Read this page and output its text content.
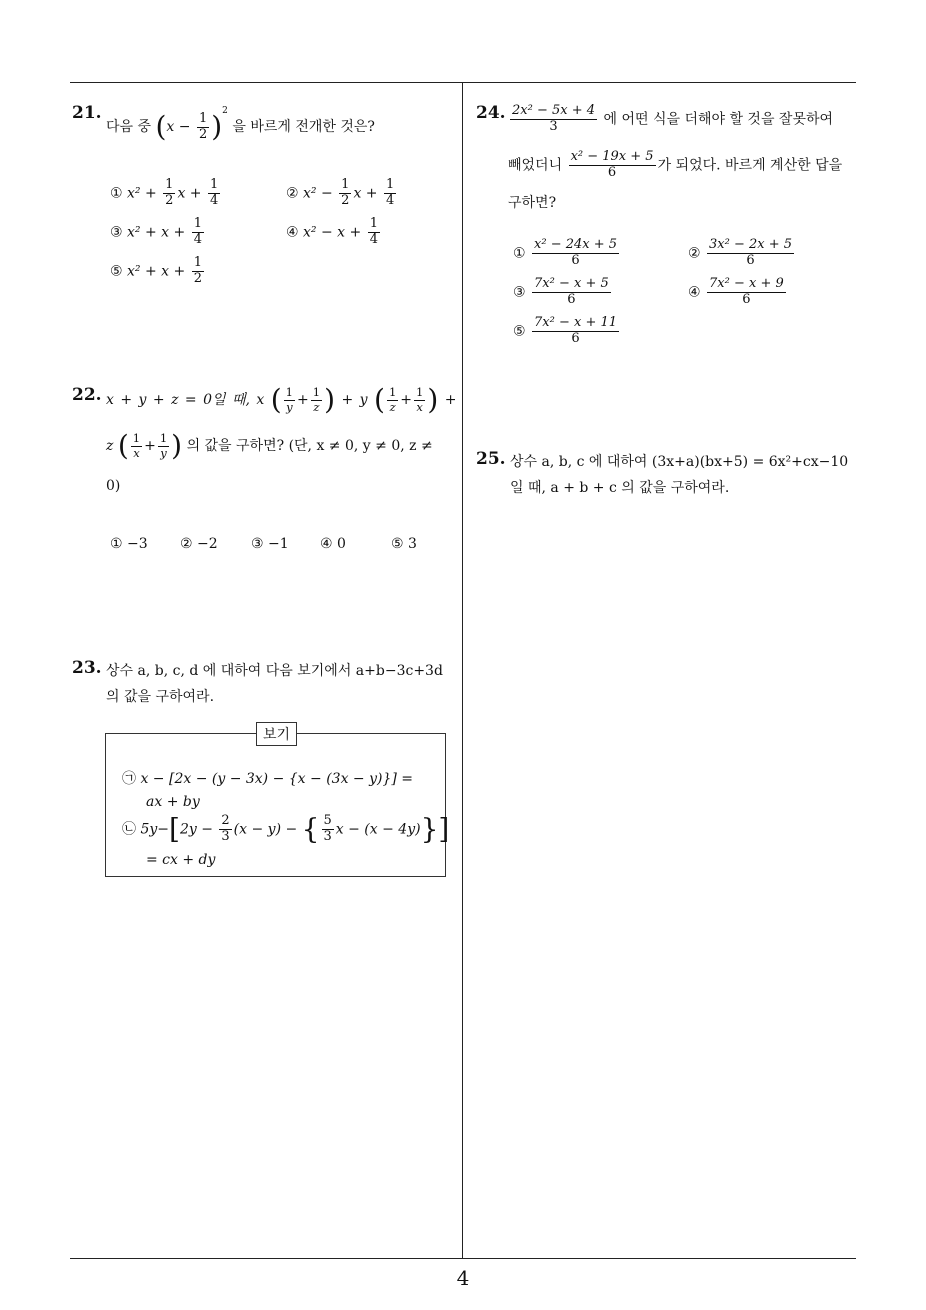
4
21.
다음 중 $(x - \frac{1}{2} )^2$ 을 바르게 전개한 것은?
① $x^2 + \frac{1}{2}$ $x + \frac{1}{4}$	② $x^2 - \frac{1}{2}$ $x + \frac{1}{4}$
③ $x^2 + x + \frac{1}{4}$	④ $x^2 - x + \frac{1}{4}$
⑤ $x^2 + x + \frac{1}{2}$
22. x + y + z = 0일 때, x ( $\frac{1}{y} + \frac{1}{z}$ ) + y ( $\frac{1}{z} + \frac{1}{x}$ ) +
z ( $\frac{1}{x} + \frac{1}{y}$ ) 의 값을 구하면? (단, x ≠ 0, y ≠ 0, z ≠
0)
① −3 ② −2 ③ −1 ④ 0	⑤ 3
23. 상수 a, b, c, d 에 대하여 다음 보기에서 a+b−3c+3d
의 값을 구하여라.
보기
㉠ x − [2x − (y − 3x) − {x − (3x − y)}] =
ax + by
㉡ $5y-[2y - \frac{2}{3} (x - y)$ − { $\frac{5}{3}$ x − (x − 4y)}]
= cx + dy
24. $\frac{\text{2x² − 5x + 4}}{3}$ 에 어떤 식을 더해야 할 것을 잘못하여
빼었더니 $\frac{\text{x² − 19x + 5}}{6}$ 가 되었다. 바르게 계산한 답을
구하면?
① $\frac{\text{x² − 24x + 5}}{6}$	② $\frac{\text{3x² − 2x + 5}}{6}$
③ $\frac{\text{7x² − x + 5}}{6}$	④ $\frac{\text{7x² − x + 9}}{6}$
⑤ $\frac{\text{7x² − x + 11}}{6}$
25. 상수 a, b, c 에 대하여 (3x+a)(bx+5) = 6x²+cx−10
일 때, a + b + c 의 값을 구하여라.
